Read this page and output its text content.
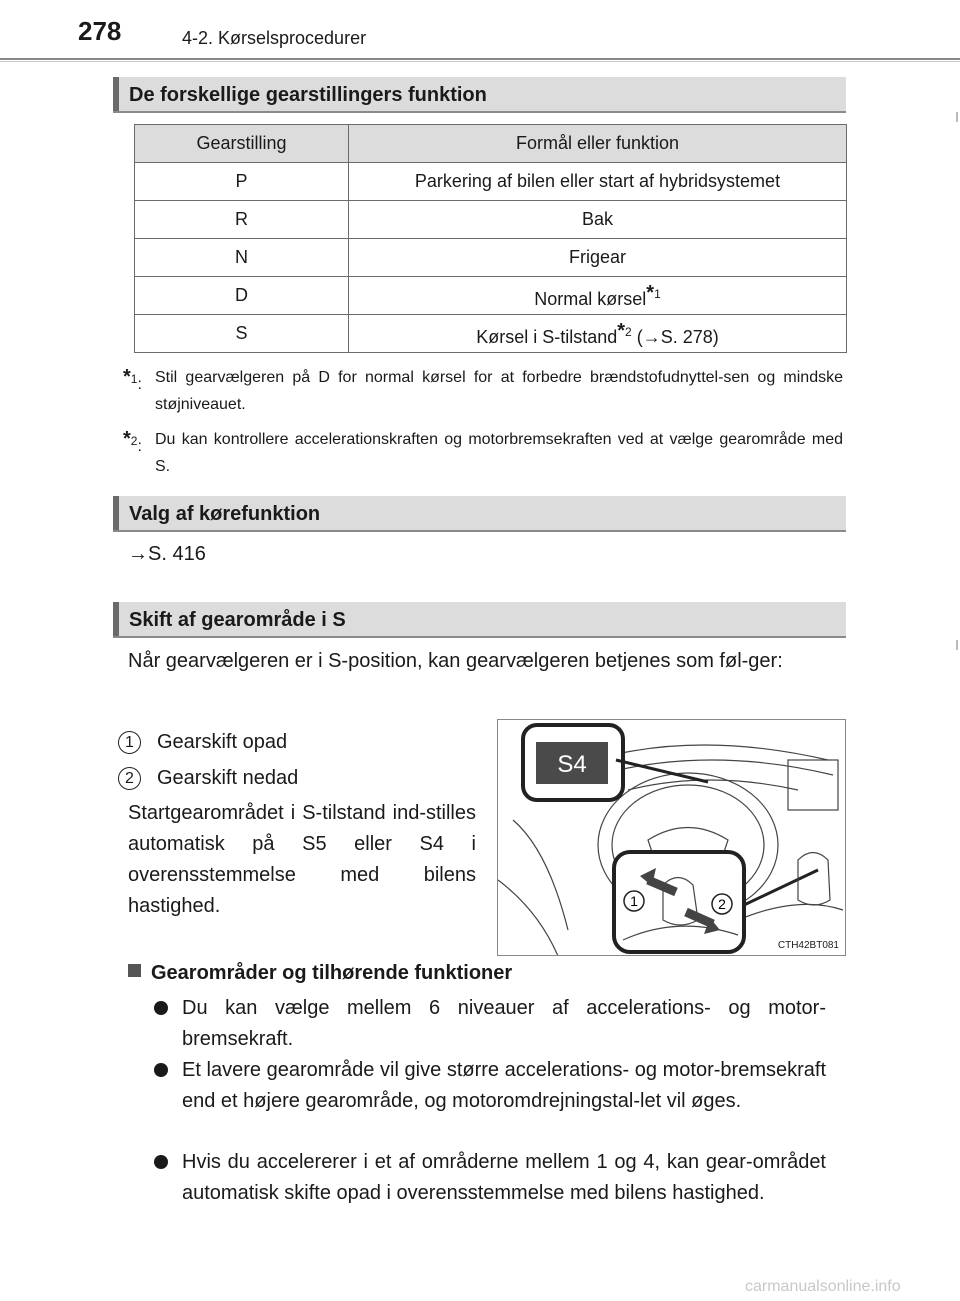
278	4-2. Kørselsprocedurer
De forskellige gearstillingers funktion
Gearstilling	Formål eller funktion
P	Parkering af bilen eller start af hybridsystemet
R	Bak
N	Frigear
D	Normal kørsel$^{*1}$
S	Kørsel i S-tilstand$^{*2}$ (→S. 278)
$^{*1}$: Stil gearvælgeren på D for normal kørsel for at forbedre brændstofudnyttel-sen og mindske støjniveauet.
$^{*2}$: Du kan kontrollere accelerationskraften og motorbremsekraften ved at vælge gearområde med S.
Valg af kørefunktion
→S. 416
Skift af gearområde i S
Når gearvælgeren er i S-position, kan gearvælgeren betjenes som føl-ger:
1	Gearskift opad
2	Gearskift nedad
Startgearområdet i S-tilstand ind-stilles automatisk på S5 eller S4 i overensstemmelse med bilens hastighed.
S4
1	2
CTH42BT081
Gearområder og tilhørende funktioner
Du kan vælge mellem 6 niveauer af accelerations- og motor-bremsekraft.
Et lavere gearområde vil give større accelerations- og motor-bremsekraft end et højere gearområde, og motoromdrejningstal-let vil øges.
Hvis du accelererer i et af områderne mellem 1 og 4, kan gear-området automatisk skifte opad i overensstemmelse med bilens hastighed.
carmanualsonline.info
